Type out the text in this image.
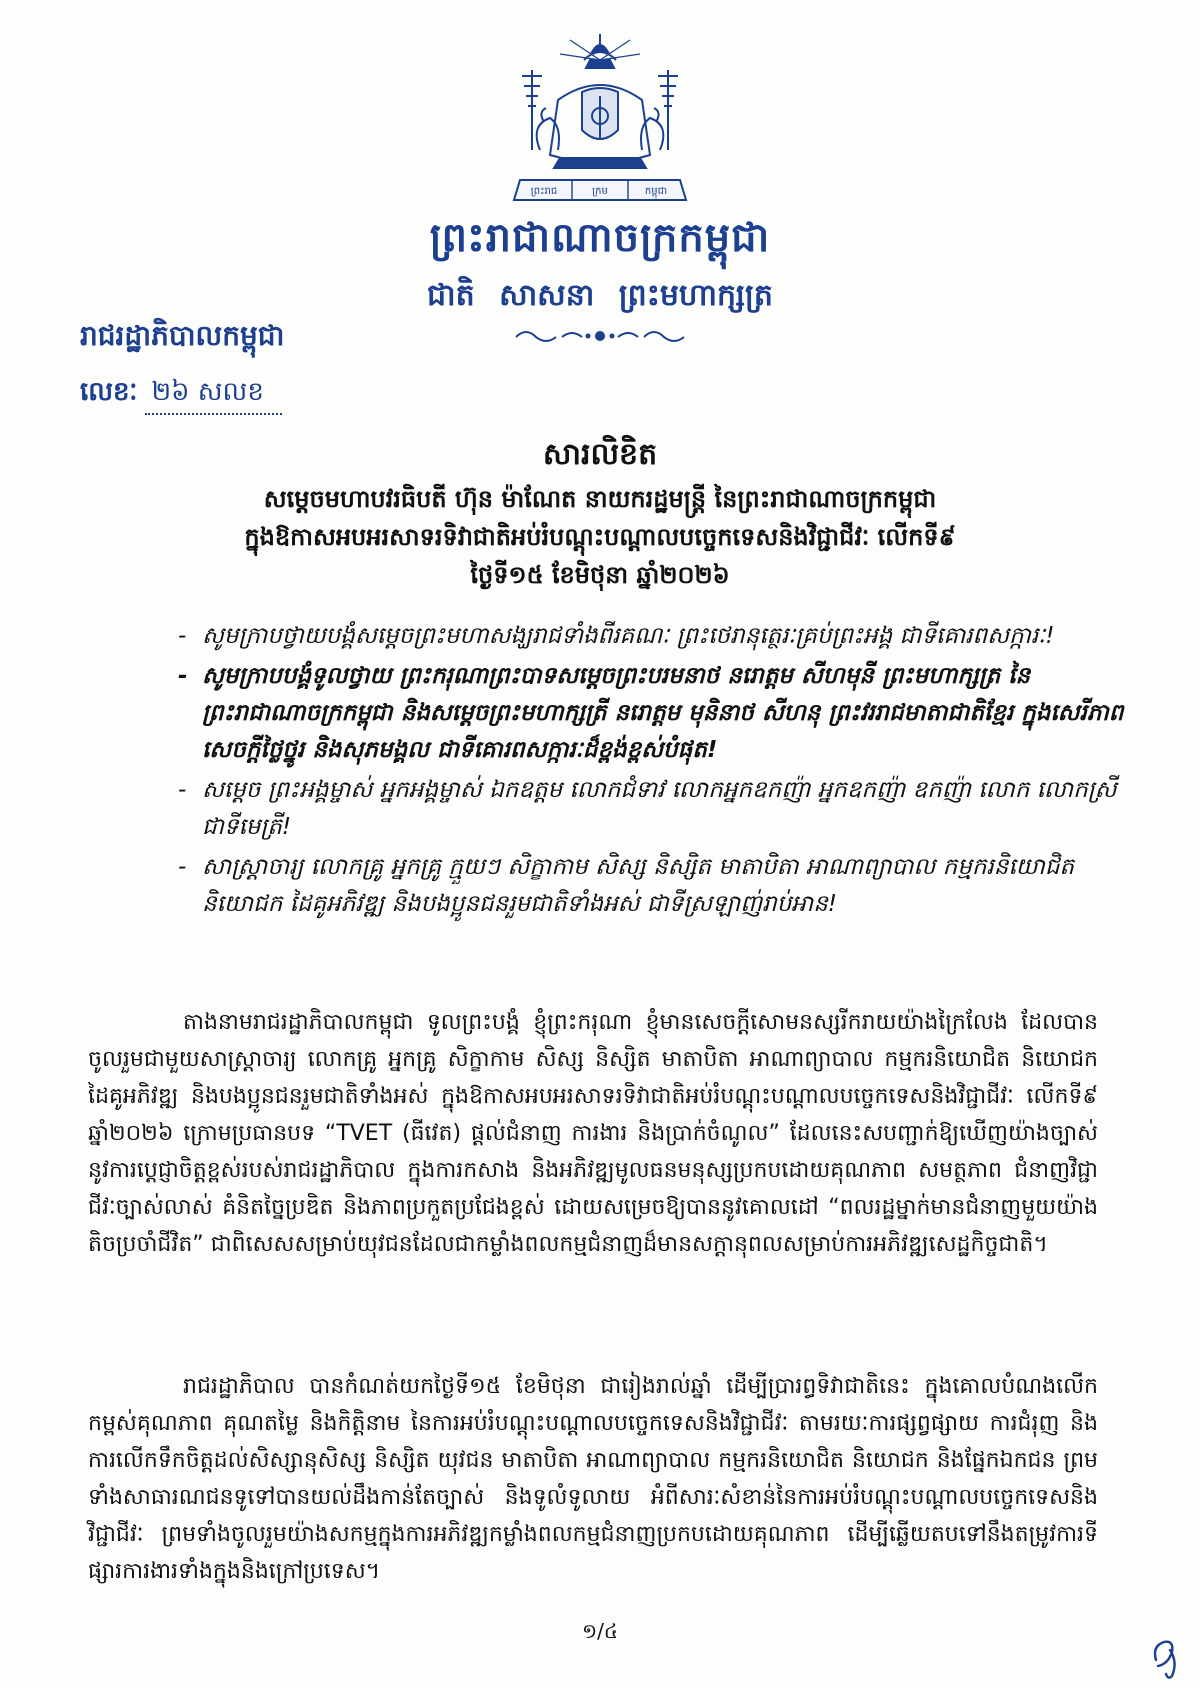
ព្រះរាជ	ក្រម	កម្ពុជា
ព្រះរាជាណាចក្រកម្ពុជា
ជាតិ សាសនា ព្រះមហាក្សត្រ
រាជរដ្ឋាភិបាលកម្ពុជា
លេខៈ ២៦ សលខ
សារលិខិត
សម្តេចមហាបវរធិបតី ហ៊ុន ម៉ាណែត នាយករដ្ឋមន្ត្រី នៃព្រះរាជាណាចក្រកម្ពុជា
ក្នុងឱកាសអបអរសាទរទិវាជាតិអប់រំបណ្តុះបណ្តាលបច្ចេកទេសនិងវិជ្ជាជីវៈ លើកទី៩
ថ្ងៃទី១៥ ខែមិថុនា ឆ្នាំ២០២៦
- សូមក្រាបថ្វាយបង្គំសម្តេចព្រះមហាសង្ឃរាជទាំងពីរគណៈ ព្រះថេរានុត្ថេរៈគ្រប់ព្រះអង្គ ជាទីគោរពសក្ការៈ!
- សូមក្រាបបង្គំទូលថ្វាយ ព្រះករុណាព្រះបាទសម្តេចព្រះបរមនាថ នរោត្តម សីហមុនី ព្រះមហាក្សត្រ នៃព្រះរាជាណាចក្រកម្ពុជា និងសម្តេចព្រះមហាក្សត្រី នរោត្តម មុនិនាថ សីហនុ ព្រះវររាជមាតាជាតិខ្មែរ ក្នុងសេរីភាព សេចក្តីថ្លៃថ្នូរ និងសុភមង្គល ជាទីគោរពសក្ការៈដ៏ខ្ពង់ខ្ពស់បំផុត!
- សម្តេច ព្រះអង្គម្ចាស់ អ្នកអង្គម្ចាស់ ឯកឧត្តម លោកជំទាវ លោកអ្នកឧកញ៉ា អ្នកឧកញ៉ា ឧកញ៉ា លោក លោកស្រី ជាទីមេត្រី!
- សាស្ត្រាចារ្យ លោកគ្រូ អ្នកគ្រូ ក្មួយៗ សិក្ខាកាម សិស្ស និស្សិត មាតាបិតា អាណាព្យាបាល កម្មករនិយោជិត និយោជក ដៃគូអភិវឌ្ឍ និងបងប្អូនជនរួមជាតិទាំងអស់ ជាទីស្រឡាញ់រាប់អាន!

តាងនាមរាជរដ្ឋាភិបាលកម្ពុជា ទូលព្រះបង្គំ ខ្ញុំព្រះករុណា ខ្ញុំមានសេចក្តីសោមនស្សរីករាយយ៉ាងក្រៃលែង ដែលបានចូលរួមជាមួយសាស្ត្រាចារ្យ លោកគ្រូ អ្នកគ្រូ សិក្ខាកាម សិស្ស និស្សិត មាតាបិតា អាណាព្យាបាល កម្មករនិយោជិត និយោជក ដៃគូអភិវឌ្ឍ និងបងប្អូនជនរួមជាតិទាំងអស់ ក្នុងឱកាសអបអរសាទរទិវាជាតិអប់រំបណ្តុះបណ្តាលបច្ចេកទេសនិងវិជ្ជាជីវៈ លើកទី៩ ឆ្នាំ២០២៦ ក្រោមប្រធានបទ “TVET (ធីវេត) ផ្តល់ជំនាញ ការងារ និងប្រាក់ចំណូល” ដែលនេះសបញ្ជាក់ឱ្យឃើញយ៉ាងច្បាស់នូវការប្តេជ្ញាចិត្តខ្ពស់របស់រាជរដ្ឋាភិបាល ក្នុងការកសាង និងអភិវឌ្ឍមូលធនមនុស្សប្រកបដោយគុណភាព សមត្ថភាព ជំនាញវិជ្ជាជីវៈច្បាស់លាស់ គំនិតច្នៃប្រឌិត និងភាពប្រកួតប្រជែងខ្ពស់ ដោយសម្រេចឱ្យបាននូវគោលដៅ “ពលរដ្ឋម្នាក់មានជំនាញមួយយ៉ាងតិចប្រចាំជីវិត” ជាពិសេសសម្រាប់យុវជនដែលជាកម្លាំងពលកម្មជំនាញដ៏មានសក្តានុពលសម្រាប់ការអភិវឌ្ឍសេដ្ឋកិច្ចជាតិ។

រាជរដ្ឋាភិបាល បានកំណត់យកថ្ងៃទី១៥ ខែមិថុនា ជារៀងរាល់ឆ្នាំ ដើម្បីប្រារព្ធទិវាជាតិនេះ ក្នុងគោលបំណងលើកកម្ពស់គុណភាព គុណតម្លៃ និងកិត្តិនាម នៃការអប់រំបណ្តុះបណ្តាលបច្ចេកទេសនិងវិជ្ជាជីវៈ តាមរយៈការផ្សព្វផ្សាយ ការជំរុញ និងការលើកទឹកចិត្តដល់សិស្សានុសិស្ស និស្សិត យុវជន មាតាបិតា អាណាព្យាបាល កម្មករនិយោជិត និយោជក និងផ្នែកឯកជន ព្រមទាំងសាធារណជនទូទៅបានយល់ដឹងកាន់តែច្បាស់ និងទូលំទូលាយ អំពីសារៈសំខាន់នៃការអប់រំបណ្តុះបណ្តាលបច្ចេកទេសនិងវិជ្ជាជីវៈ ព្រមទាំងចូលរួមយ៉ាងសកម្មក្នុងការអភិវឌ្ឍកម្លាំងពលកម្មជំនាញប្រកបដោយគុណភាព ដើម្បីឆ្លើយតបទៅនឹងតម្រូវការទីផ្សារការងារទាំងក្នុងនិងក្រៅប្រទេស។

១/៤
